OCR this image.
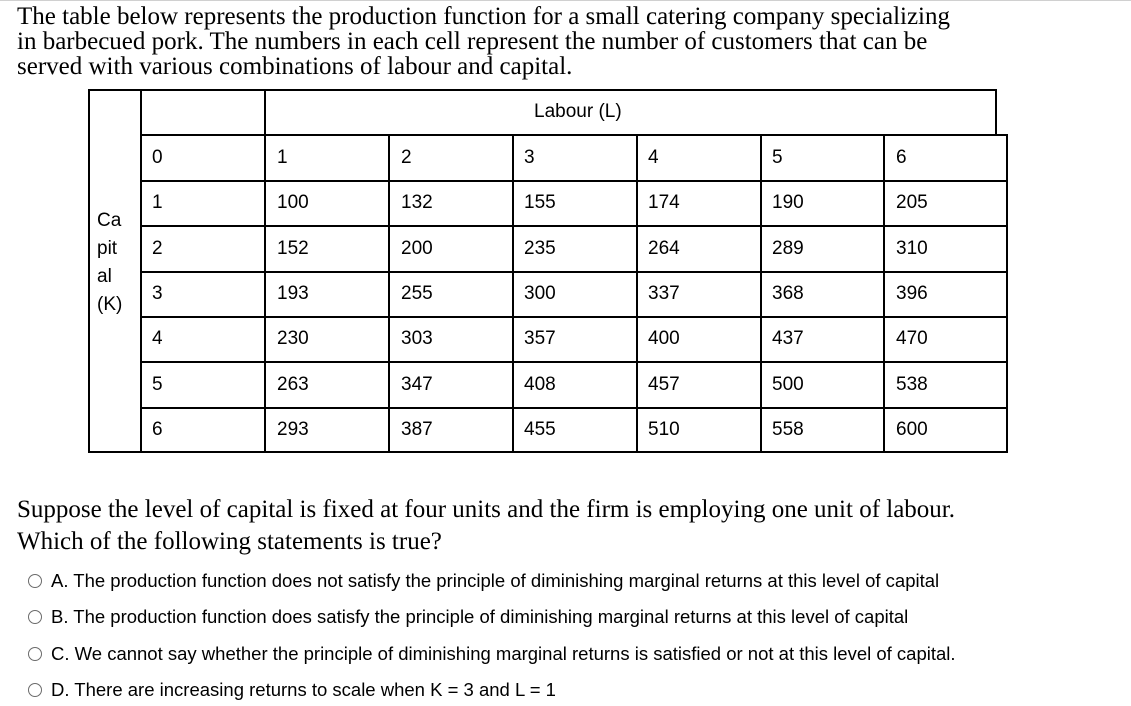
The table below represents the production function for a small catering company specializing
in barbecued pork. The numbers in each cell represent the number of customers that can be
served with various combinations of labour and capital.
Labour (L)
0	1	2	3	4	5	6
1	100	132	155	174	190	205
2	152	200	235	264	289	310
3	193	255	300	337	368	396
4	230	303	357	400	437	470
5	263	347	408	457	500	538
6	293	387	455	510	558	600
Ca
pit
al
(K)
Suppose the level of capital is fixed at four units and the firm is employing one unit of labour.
Which of the following statements is true?
A. The production function does not satisfy the principle of diminishing marginal returns at this level of capital
B. The production function does satisfy the principle of diminishing marginal returns at this level of capital
C. We cannot say whether the principle of diminishing marginal returns is satisfied or not at this level of capital.
D. There are increasing returns to scale when K = 3 and L = 1
